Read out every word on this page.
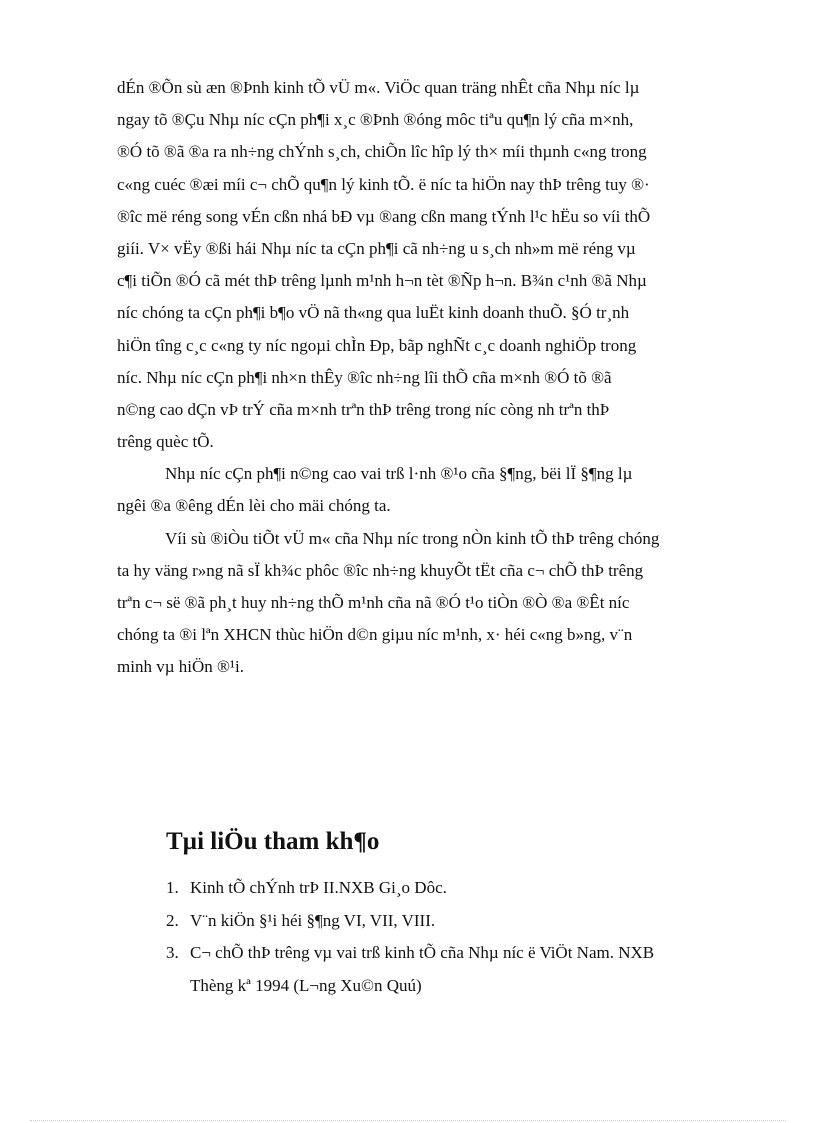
dÉn ®Õn sù æn ®Þnh kinh tÕ vÜ m«. ViÖc quan träng nhÊt cña Nhµ níc lµ
ngay tõ ®Çu Nhµ níc cÇn ph¶i x¸c ®Þnh ®óng môc tiªu qu¶n lý cña m×nh,
®Ó tõ ®ã ®a ra nh÷ng chÝnh s¸ch, chiÕn lîc hîp lý th× míi thµnh c«ng trong
c«ng cuéc ®æi míi c¬ chÕ qu¶n lý kinh tÕ. ë níc ta hiÖn nay thÞ trêng tuy ®·
®îc më réng song vÉn cßn nhá bÐ vµ ®ang cßn mang tÝnh l¹c hËu so víi thÕ
giíi. V× vËy ®ßi hái Nhµ níc ta cÇn ph¶i cã nh÷ng u s¸ch nh»m më réng vµ
c¶i tiÕn ®Ó cã mét thÞ trêng lµnh m¹nh h¬n tèt ®Ñp h¬n. B¾n c¹nh ®ã Nhµ
níc chóng ta cÇn ph¶i b¶o vÖ nã th«ng qua luËt kinh doanh thuÕ. §Ó tr¸nh
hiÖn tîng c¸c c«ng ty níc ngoµi chÌn Ðp, bãp nghÑt c¸c doanh nghiÖp trong
níc. Nhµ níc cÇn ph¶i nh×n thÊy ®îc nh÷ng lîi thÕ cña m×nh ®Ó tõ ®ã
n©ng cao dÇn vÞ trÝ cña m×nh trªn thÞ trêng trong níc còng nh trªn thÞ
trêng quèc tÕ.
Nhµ níc cÇn ph¶i n©ng cao vai trß l·nh ®¹o cña §¶ng, bëi lÏ §¶ng lµ
ngêi ®a ®êng dÉn lèi cho mäi chóng ta.
Víi sù ®iÒu tiÕt vÜ m« cña Nhµ níc trong nÒn kinh tÕ thÞ trêng chóng
ta hy väng r»ng nã sÏ kh¾c phôc ®îc nh÷ng khuyÕt tËt cña c¬ chÕ thÞ trêng
trªn c¬ së ®ã ph¸t huy nh÷ng thÕ m¹nh cña nã ®Ó t¹o tiÒn ®Ò ®a ®Êt níc
chóng ta ®i lªn XHCN thùc hiÖn d©n giµu níc m¹nh, x· héi c«ng b»ng, v¨n
minh vµ hiÖn ®¹i.
Tµi liÖu tham kh¶o
1. Kinh tÕ chÝnh trÞ II.NXB Gi¸o Dôc.
2. V¨n kiÖn §¹i héi §¶ng VI, VII, VIII.
3. C¬ chÕ thÞ trêng vµ vai trß kinh tÕ cña Nhµ níc ë ViÖt Nam. NXB
Thèng kª 1994 (L¬ng Xu©n Quú)
